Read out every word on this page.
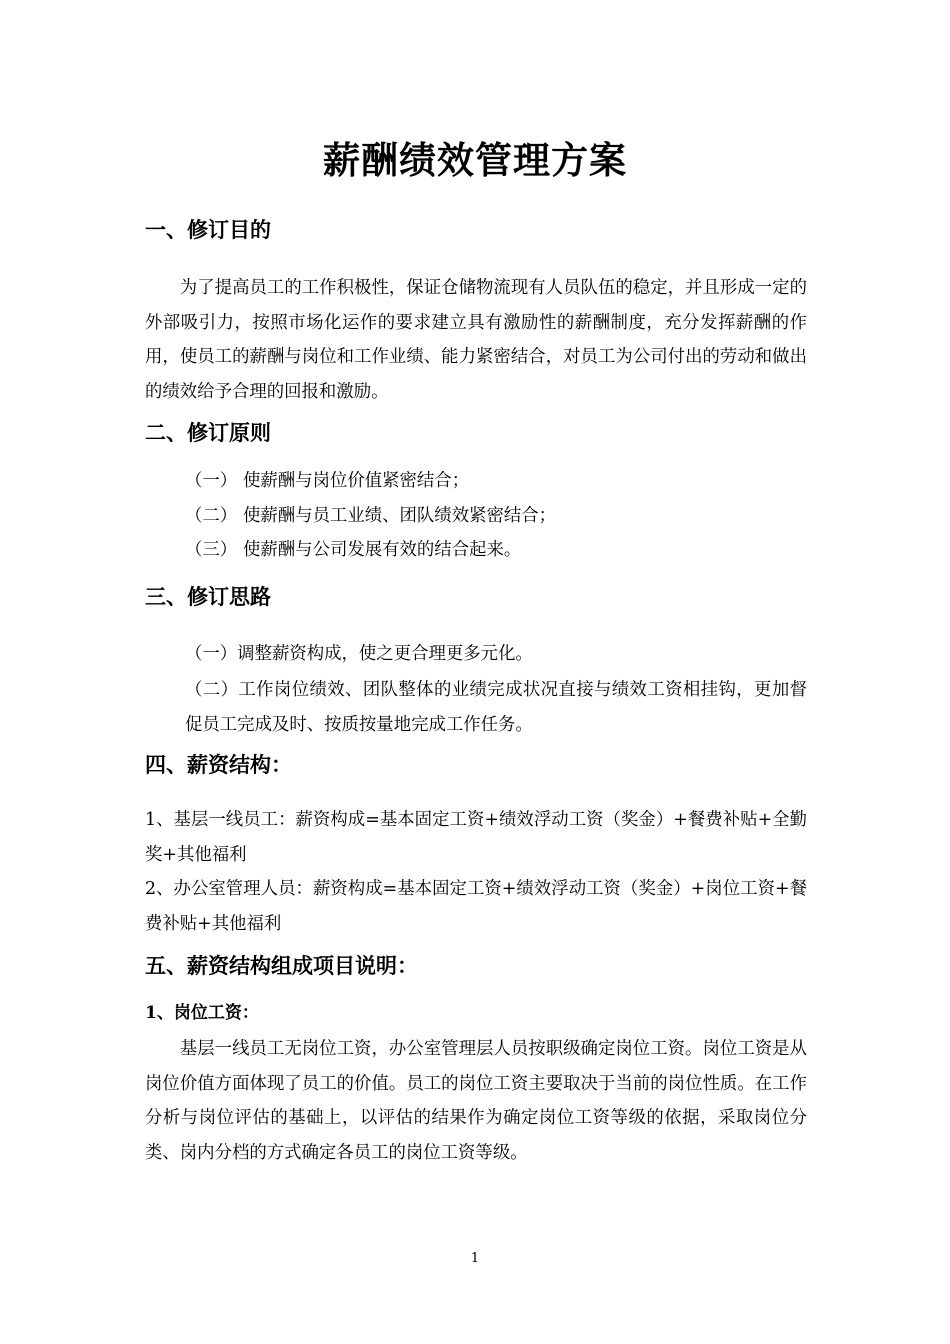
薪酬绩效管理方案
一、修订目的

为了提高员工的工作积极性，保证仓储物流现有人员队伍的稳定，并且形成一定的外部吸引力，按照市场化运作的要求建立具有激励性的薪酬制度，充分发挥薪酬的作用，使员工的薪酬与岗位和工作业绩、能力紧密结合，对员工为公司付出的劳动和做出的绩效给予合理的回报和激励。

二、修订原则
（一） 使薪酬与岗位价值紧密结合；
（二） 使薪酬与员工业绩、团队绩效紧密结合；
（三） 使薪酬与公司发展有效的结合起来。
三、修订思路
（一）调整薪资构成，使之更合理更多元化。

（二）工作岗位绩效、团队整体的业绩完成状况直接与绩效工资相挂钩，更加督促员工完成及时、按质按量地完成工作任务。

四、薪资结构：

1、基层一线员工：薪资构成=基本固定工资+绩效浮动工资（奖金）+餐费补贴+全勤奖+其他福利

2、办公室管理人员：薪资构成=基本固定工资+绩效浮动工资（奖金）+岗位工资+餐费补贴+其他福利

五、薪资结构组成项目说明：
1、岗位工资：

基层一线员工无岗位工资，办公室管理层人员按职级确定岗位工资。岗位工资是从岗位价值方面体现了员工的价值。员工的岗位工资主要取决于当前的岗位性质。在工作分析与岗位评估的基础上，以评估的结果作为确定岗位工资等级的依据，采取岗位分类、岗内分档的方式确定各员工的岗位工资等级。

1
